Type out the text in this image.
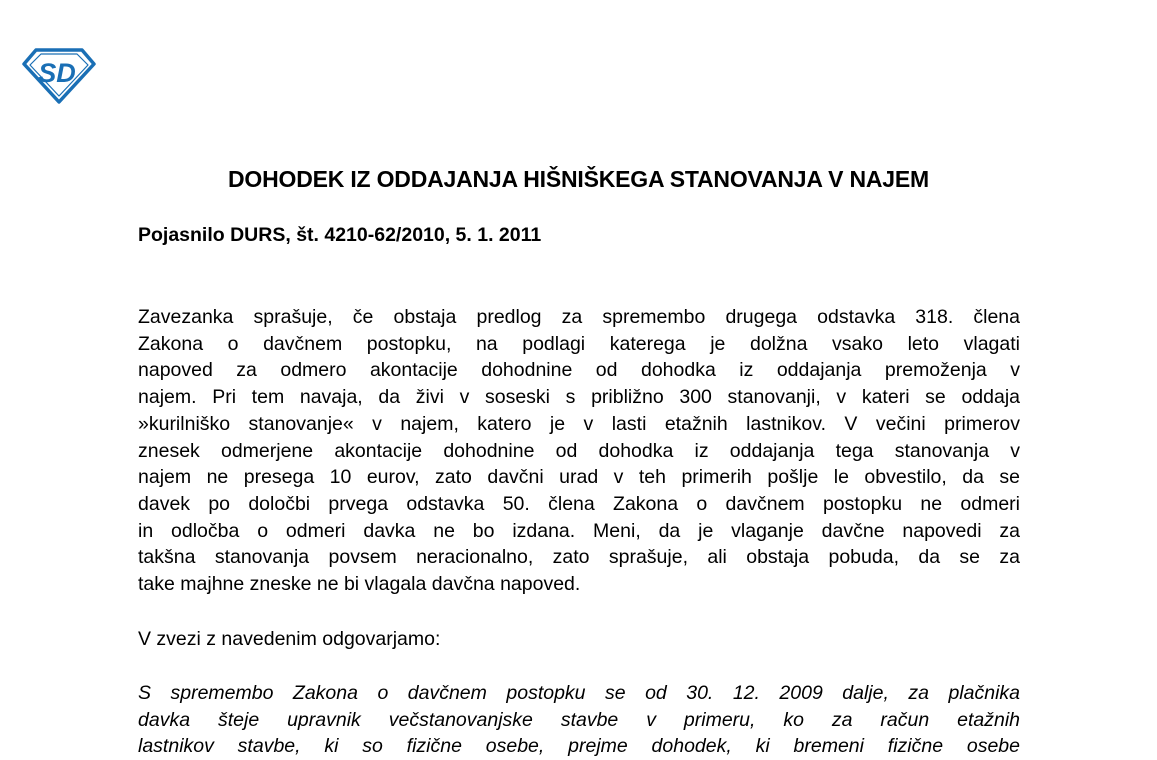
SD
DOHODEK IZ ODDAJANJA HIŠNIŠKEGA STANOVANJA V NAJEM
Pojasnilo DURS, št. 4210-62/2010, 5. 1. 2011
Zavezanka sprašuje, če obstaja predlog za spremembo drugega odstavka 318. člena
Zakona o davčnem postopku, na podlagi katerega je dolžna vsako leto vlagati
napoved za odmero akontacije dohodnine od dohodka iz oddajanja premoženja v
najem. Pri tem navaja, da živi v soseski s približno 300 stanovanji, v kateri se oddaja
»kurilniško stanovanje« v najem, katero je v lasti etažnih lastnikov. V večini primerov
znesek odmerjene akontacije dohodnine od dohodka iz oddajanja tega stanovanja v
najem ne presega 10 eurov, zato davčni urad v teh primerih pošlje le obvestilo, da se
davek po določbi prvega odstavka 50. člena Zakona o davčnem postopku ne odmeri
in odločba o odmeri davka ne bo izdana. Meni, da je vlaganje davčne napovedi za
takšna stanovanja povsem neracionalno, zato sprašuje, ali obstaja pobuda, da se za
take majhne zneske ne bi vlagala davčna napoved.
V zvezi z navedenim odgovarjamo:
S spremembo Zakona o davčnem postopku se od 30. 12. 2009 dalje, za plačnika
davka šteje upravnik večstanovanjske stavbe v primeru, ko za račun etažnih
lastnikov stavbe, ki so fizične osebe, prejme dohodek, ki bremeni fizične osebe
